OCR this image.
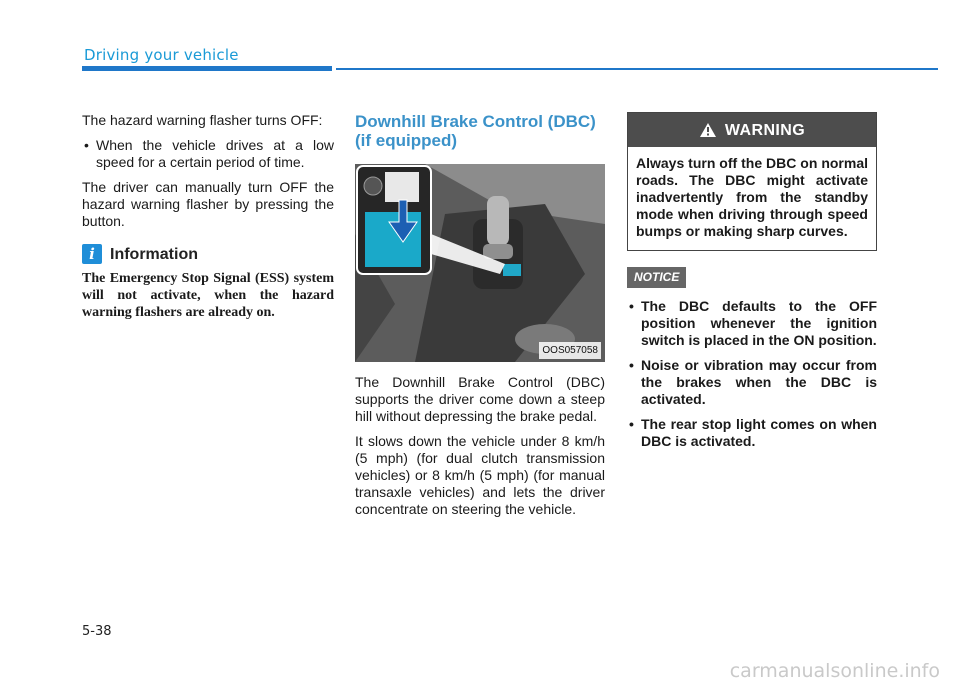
Driving your vehicle

The hazard warning flasher turns OFF:

• When the vehicle drives at a low speed for a certain period of time.

The driver can manually turn OFF the hazard warning flasher by pressing the button.

i Information
The Emergency Stop Signal (ESS) system will not activate, when the hazard warning flashers are already on.
Downhill Brake Control (DBC)
(if equipped)
OOS057058

The Downhill Brake Control (DBC) supports the driver come down a steep hill without depressing the brake pedal.

It slows down the vehicle under 8 km/h (5 mph) (for dual clutch transmission vehicles) or 8 km/h (5 mph) (for manual transaxle vehicles) and lets the driver concentrate on steering the vehicle.

WARNING
Always turn off the DBC on normal roads. The DBC might activate inadvertently from the standby mode when driving through speed bumps or making sharp curves.
NOTICE
• The DBC defaults to the OFF position whenever the ignition switch is placed in the ON position.
• Noise or vibration may occur from the brakes when the DBC is activated.
• The rear stop light comes on when DBC is activated.
5-38
carmanualsonline.info
